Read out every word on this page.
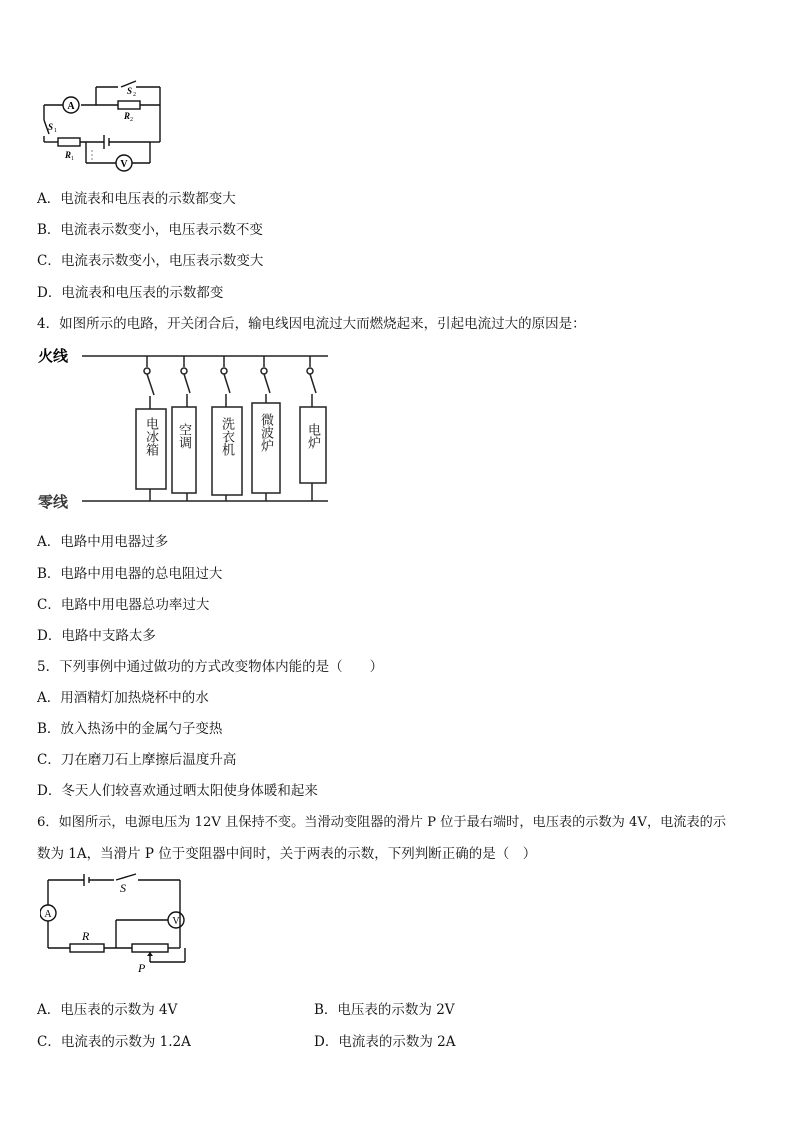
A
V
S 1
S 2
R 1
R 2
A．电流表和电压表的示数都变大
B．电流表示数变小，电压表示数不变
C．电流表示数变小，电压表示数变大
D．电流表和电压表的示数都变
4．如图所示的电路，开关闭合后，输电线因电流过大而燃烧起来，引起电流过大的原因是：
火线
零线
电冰箱 空调 洗衣机 微波炉 电炉
A．电路中用电器过多
B．电路中用电器的总电阻过大
C．电路中用电器总功率过大
D．电路中支路太多
5．下列事例中通过做功的方式改变物体内能的是（　　）
A．用酒精灯加热烧杯中的水
B．放入热汤中的金属勺子变热
C．刀在磨刀石上摩擦后温度升高
D．冬天人们较喜欢通过晒太阳使身体暖和起来
6．如图所示，电源电压为 12V 且保持不变。当滑动变阻器的滑片 P 位于最右端时，电压表的示数为 4V，电流表的示
数为 1A，当滑片 P 位于变阻器中间时，关于两表的示数，下列判断正确的是（　）
A
V
S
R
P
A．电压表的示数为 4V	B．电压表的示数为 2V
C．电流表的示数为 1.2A	D．电流表的示数为 2A
